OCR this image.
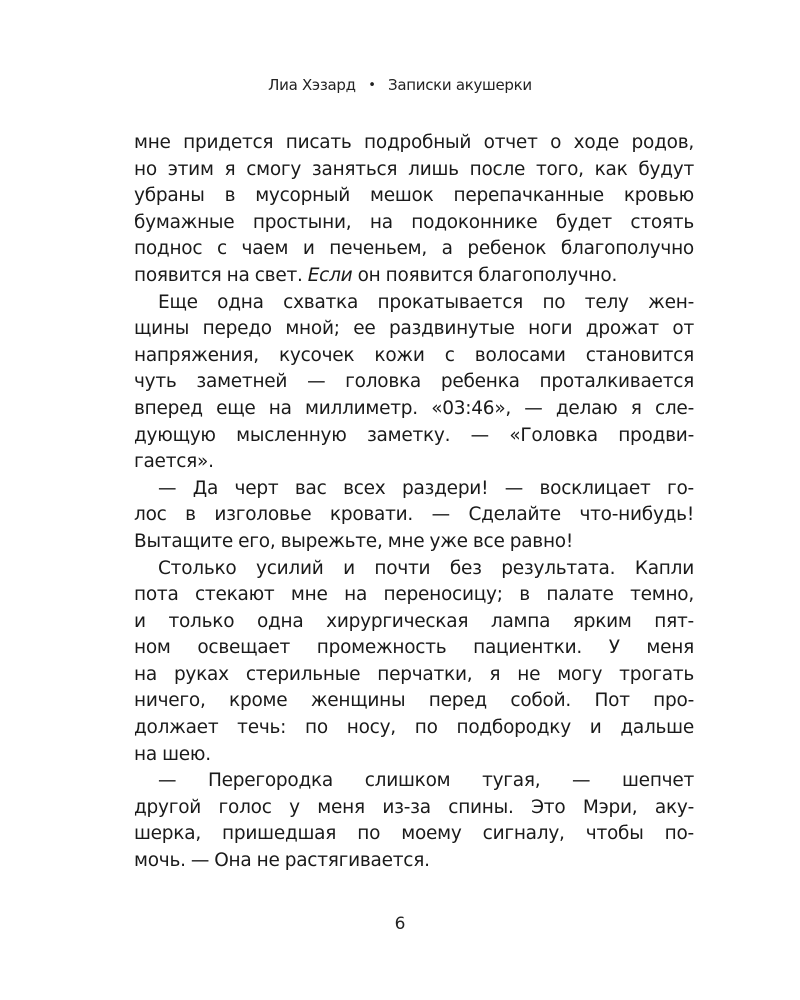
Лиа Хэзард • Записки акушерки
мне придется писать подробный отчет о ходе родов,
но этим я смогу заняться лишь после того, как будут
убраны в мусорный мешок перепачканные кровью
бумажные простыни, на подоконнике будет стоять
поднос с чаем и печеньем, а ребенок благополучно
появится на свет. Если он появится благополучно.
Еще одна схватка прокатывается по телу жен-
щины передо мной; ее раздвинутые ноги дрожат от
напряжения, кусочек кожи с волосами становится
чуть заметней — головка ребенка проталкивается
вперед еще на миллиметр. «03:46», — делаю я сле-
дующую мысленную заметку. — «Головка продви-
гается».
— Да черт вас всех раздери! — восклицает го-
лос в изголовье кровати. — Сделайте что-нибудь!
Вытащите его, вырежьте, мне уже все равно!
Столько усилий и почти без результата. Капли
пота стекают мне на переносицу; в палате темно,
и только одна хирургическая лампа ярким пят-
ном освещает промежность пациентки. У меня
на руках стерильные перчатки, я не могу трогать
ничего, кроме женщины перед собой. Пот про-
должает течь: по носу, по подбородку и дальше
на шею.
— Перегородка слишком тугая, — шепчет
другой голос у меня из-за спины. Это Мэри, аку-
шерка, пришедшая по моему сигналу, чтобы по-
мочь. — Она не растягивается.
6
